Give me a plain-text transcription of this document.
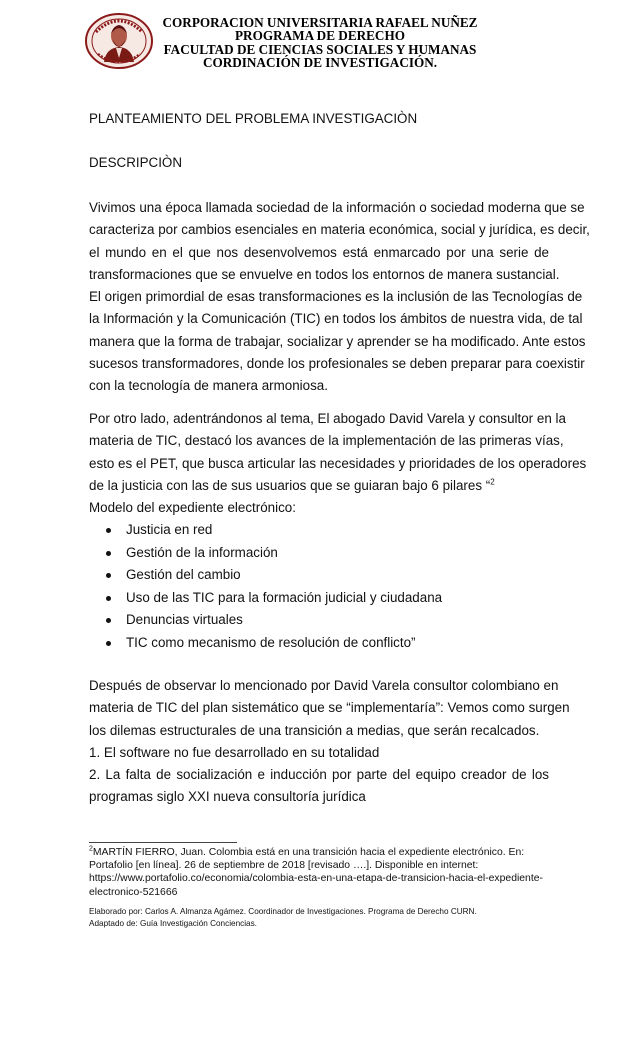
CORPORACION UNIVERSITARIA RAFAEL NUÑEZ
PROGRAMA DE DERECHO
FACULTAD DE CIENCIAS SOCIALES Y HUMANAS
CORDINACIÓN DE INVESTIGACIÓN.
PLANTEAMIENTO DEL PROBLEMA INVESTIGACIÒN
DESCRIPCIÒN
Vivimos una época llamada sociedad de la información o sociedad moderna que se
caracteriza por cambios esenciales en materia económica, social y jurídica, es decir,
el mundo en el que nos desenvolvemos está enmarcado por una serie de
transformaciones que se envuelve en todos los entornos de manera sustancial.
El origen primordial de esas transformaciones es la inclusión de las Tecnologías de
la Información y la Comunicación (TIC) en todos los ámbitos de nuestra vida, de tal
manera que la forma de trabajar, socializar y aprender se ha modificado. Ante estos
sucesos transformadores, donde los profesionales se deben preparar para coexistir
con la tecnología de manera armoniosa.
Por otro lado, adentrándonos al tema, El abogado David Varela y consultor en la
materia de TIC, destacó los avances de la implementación de las primeras vías,
esto es el PET, que busca articular las necesidades y prioridades de los operadores
de la justicia con las de sus usuarios que se guiaran bajo 6 pilares “$^2$
Modelo del expediente electrónico:
Justicia en red
Gestión de la información
Gestión del cambio
Uso de las TIC para la formación judicial y ciudadana
Denuncias virtuales
TIC como mecanismo de resolución de conflicto”
Después de observar lo mencionado por David Varela consultor colombiano en
materia de TIC del plan sistemático que se “implementaría”: Vemos como surgen
los dilemas estructurales de una transición a medias, que serán recalcados.
1. El software no fue desarrollado en su totalidad
2. La falta de socialización e inducción por parte del equipo creador de los
programas siglo XXI nueva consultoría jurídica
$^2$MARTÍN FIERRO, Juan. Colombia está en una transición hacia el expediente electrónico. En:
Portafolio [en línea]. 26 de septiembre de 2018 [revisado ….]. Disponible en internet:
https://www.portafolio.co/economia/colombia-esta-en-una-etapa-de-transicion-hacia-el-expediente-
electronico-521666
Elaborado por: Carlos A. Almanza Agámez. Coordinador de Investigaciones. Programa de Derecho CURN.
Adaptado de: Guía Investigación Conciencias.
